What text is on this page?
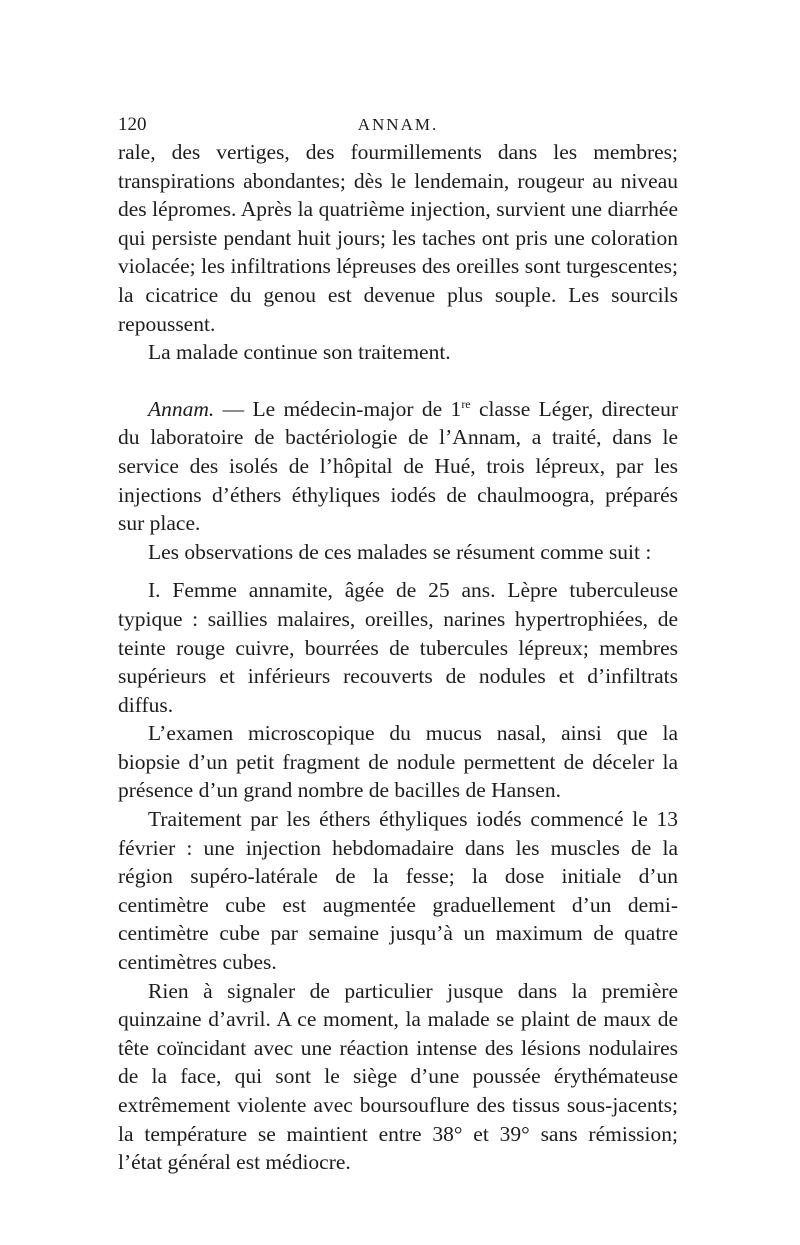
120	ANNAM.

rale, des vertiges, des fourmillements dans les membres; transpirations abondantes; dès le lendemain, rougeur au niveau des lépromes. Après la quatrième injection, survient une diarrhée qui persiste pendant huit jours; les taches ont pris une coloration violacée; les infiltrations lépreuses des oreilles sont turgescentes; la cicatrice du genou est devenue plus souple. Les sourcils repoussent.

La malade continue son traitement.

Annam. — Le médecin-major de 1re classe Léger, directeur du laboratoire de bactériologie de l’Annam, a traité, dans le service des isolés de l’hôpital de Hué, trois lépreux, par les injections d’éthers éthyliques iodés de chaulmoogra, préparés sur place.

Les observations de ces malades se résument comme suit :

I. Femme annamite, âgée de 25 ans. Lèpre tuberculeuse typique : saillies malaires, oreilles, narines hypertrophiées, de teinte rouge cuivre, bourrées de tubercules lépreux; membres supérieurs et inférieurs recouverts de nodules et d’infiltrats diffus.

L’examen microscopique du mucus nasal, ainsi que la biopsie d’un petit fragment de nodule permettent de déceler la présence d’un grand nombre de bacilles de Hansen.

Traitement par les éthers éthyliques iodés commencé le 13 février : une injection hebdomadaire dans les muscles de la région supéro-latérale de la fesse; la dose initiale d’un centimètre cube est augmentée graduellement d’un demi-centimètre cube par semaine jusqu’à un maximum de quatre centimètres cubes.

Rien à signaler de particulier jusque dans la première quinzaine d’avril. A ce moment, la malade se plaint de maux de tête coïncidant avec une réaction intense des lésions nodulaires de la face, qui sont le siège d’une poussée érythémateuse extrêmement violente avec boursouflure des tissus sous-jacents; la température se maintient entre 38° et 39° sans rémission; l’état général est médiocre.
